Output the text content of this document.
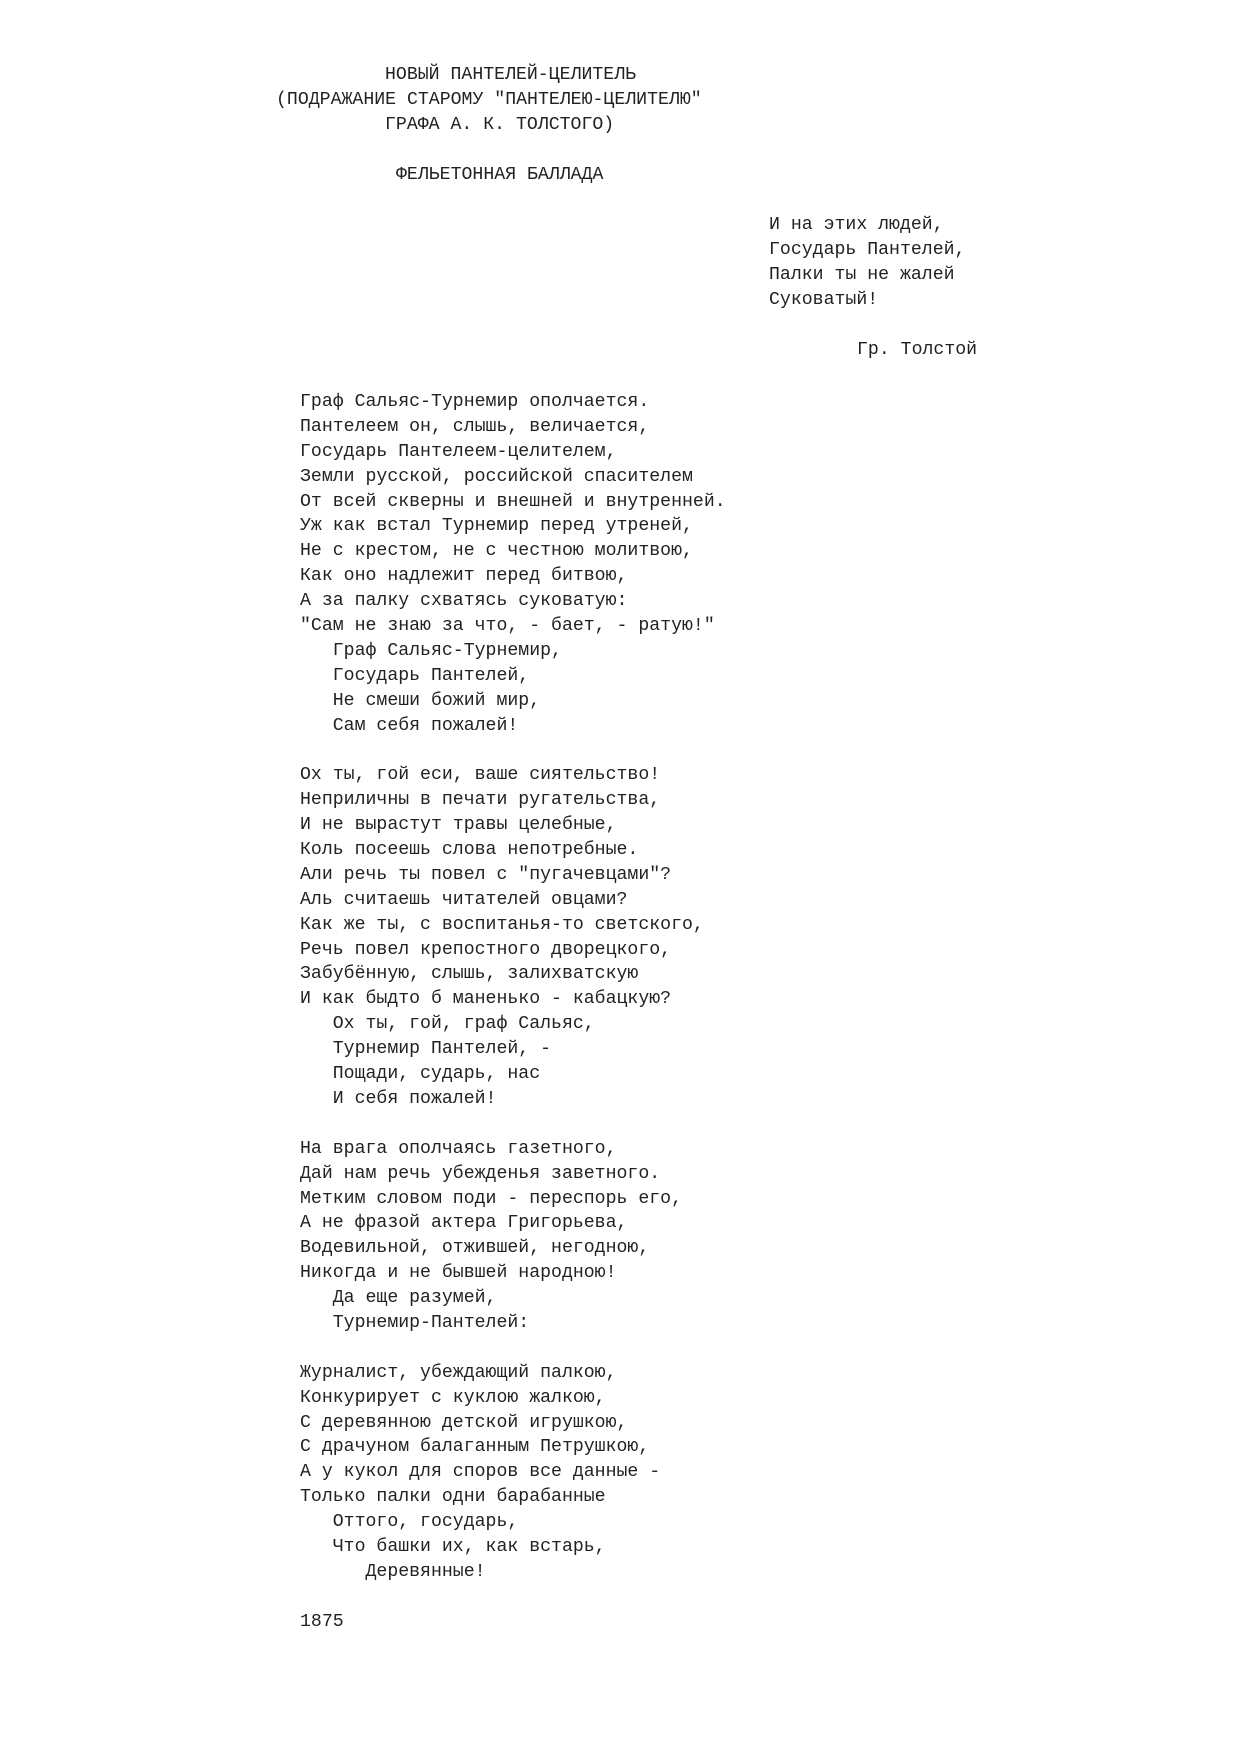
НОВЫЙ ПАНТЕЛЕЙ-ЦЕЛИТЕЛЬ
(ПОДРАЖАНИЕ СТАРОМУ "ПАНТЕЛЕЮ-ЦЕЛИТЕЛЮ"
ГРАФА А. К. ТОЛСТОГО)
ФЕЛЬЕТОННАЯ БАЛЛАДА
И на этих людей,
Государь Пантелей,
Палки ты не жалей
Суковатый!
Гр. Толстой
Граф Сальяс-Турнемир ополчается.
Пантелеем он, слышь, величается,
Государь Пантелеем-целителем,
Земли русской, российской спасителем
От всей скверны и внешней и внутренней.
Уж как встал Турнемир перед утреней,
Не с крестом, не с честною молитвою,
Как оно надлежит перед битвою,
А за палку схватясь суковатую:
"Сам не знаю за что, - бает, - ратую!"
Граф Сальяс-Турнемир,
Государь Пантелей,
Не смеши божий мир,
Сам себя пожалей!
Ох ты, гой еси, ваше сиятельство!
Неприличны в печати ругательства,
И не вырастут травы целебные,
Коль посеешь слова непотребные.
Али речь ты повел с "пугачевцами"?
Аль считаешь читателей овцами?
Как же ты, с воспитанья-то светского,
Речь повел крепостного дворецкого,
Забубённую, слышь, залихватскую
И как быдто б маненько - кабацкую?
Ох ты, гой, граф Сальяс,
Турнемир Пантелей, -
Пощади, сударь, нас
И себя пожалей!
На врага ополчаясь газетного,
Дай нам речь убежденья заветного.
Метким словом поди - переспорь его,
А не фразой актера Григорьева,
Водевильной, отжившей, негодною,
Никогда и не бывшей народною!
Да еще разумей,
Турнемир-Пантелей:
Журналист, убеждающий палкою,
Конкурирует с куклою жалкою,
С деревянною детской игрушкою,
С драчуном балаганным Петрушкою,
А у кукол для споров все данные -
Только палки одни барабанные
Оттого, государь,
Что башки их, как встарь,
Деревянные!
1875
